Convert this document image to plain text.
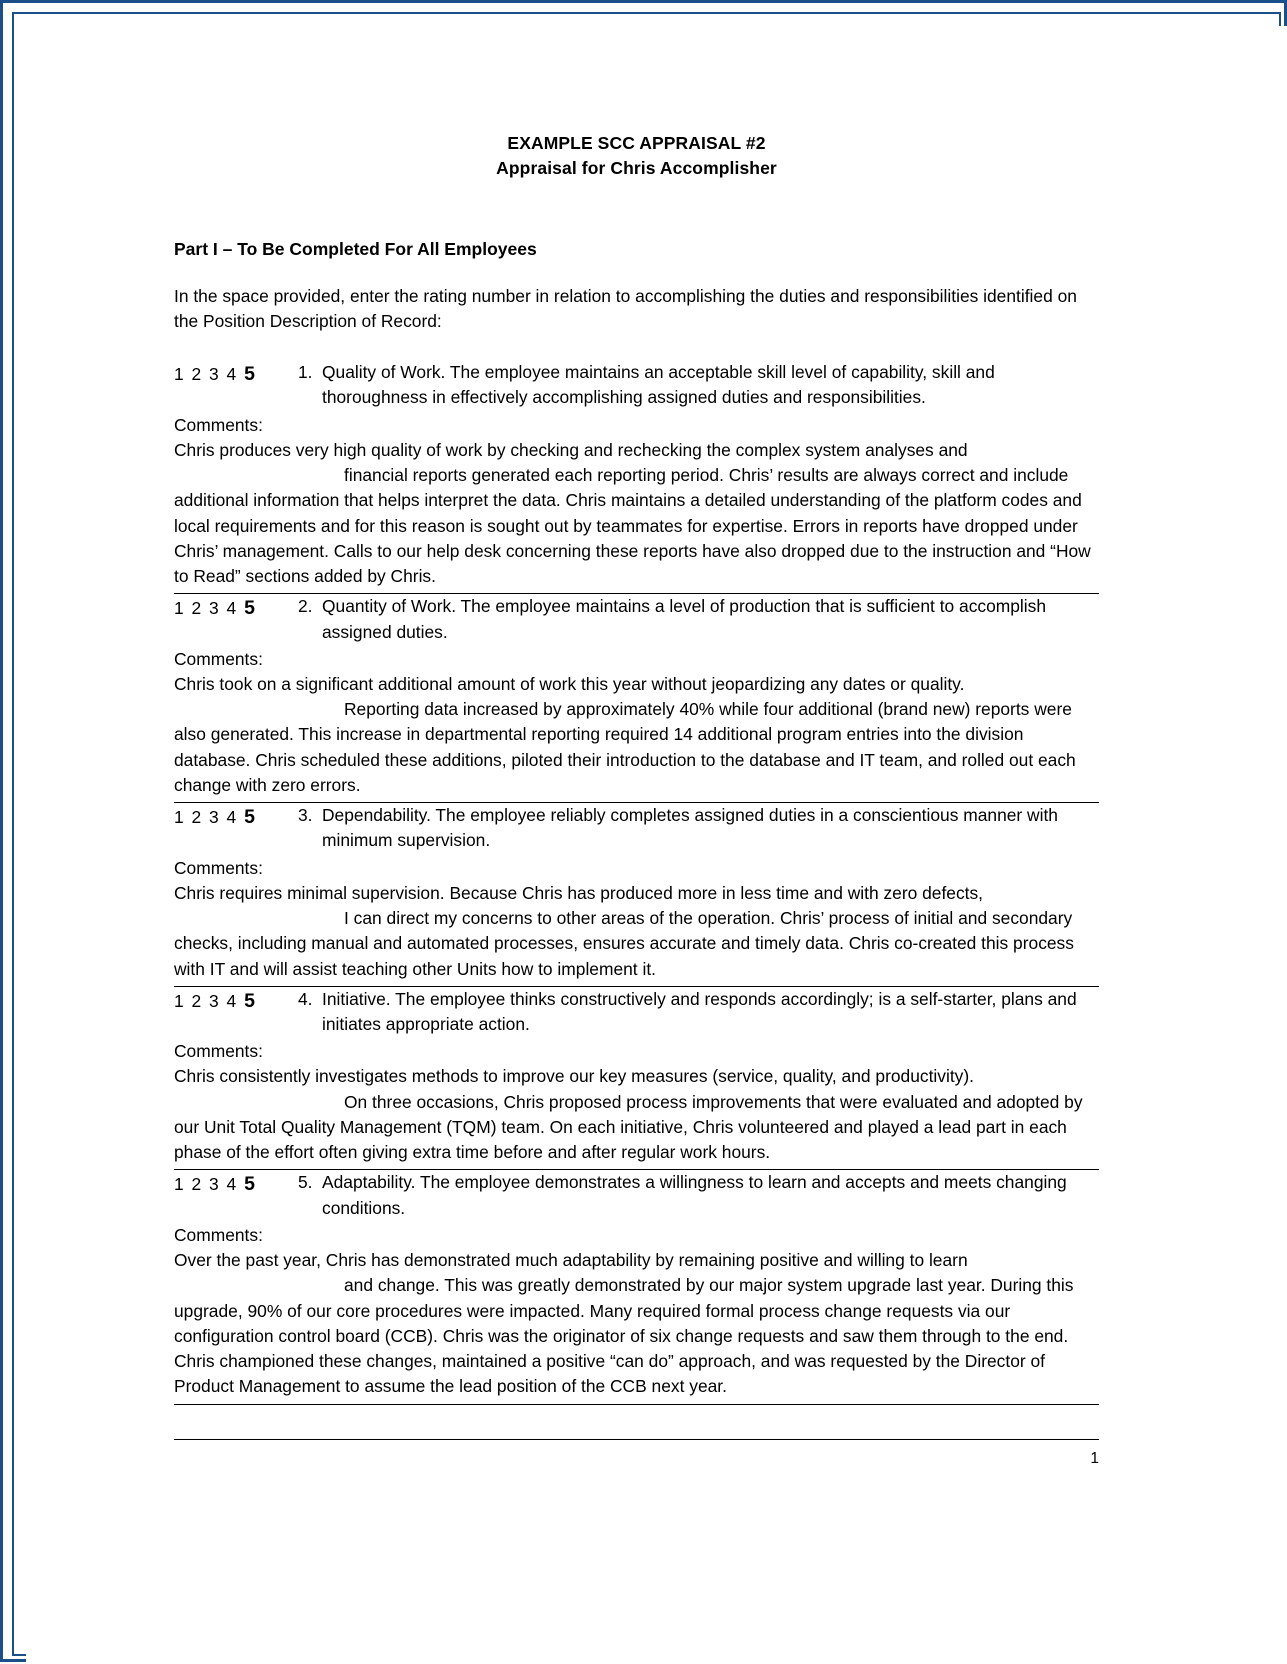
EXAMPLE SCC APPRAISAL #2
Appraisal for Chris Accomplisher
Part I – To Be Completed For All Employees
In the space provided, enter the rating number in relation to accomplishing the duties and responsibilities identified on the Position Description of Record:
1 2 3 4 5	1. Quality of Work. The employee maintains an acceptable skill level of capability, skill and thoroughness in effectively accomplishing assigned duties and responsibilities.
Comments:
Chris produces very high quality of work by checking and rechecking the complex system analyses and
financial reports generated each reporting period. Chris’ results are always correct and include additional information that helps interpret the data. Chris maintains a detailed understanding of the platform codes and local requirements and for this reason is sought out by teammates for expertise. Errors in reports have dropped under Chris’ management. Calls to our help desk concerning these reports have also dropped due to the instruction and “How to Read” sections added by Chris.
1 2 3 4 5	2. Quantity of Work. The employee maintains a level of production that is sufficient to accomplish assigned duties.
Comments:
Chris took on a significant additional amount of work this year without jeopardizing any dates or quality.
Reporting data increased by approximately 40% while four additional (brand new) reports were also generated. This increase in departmental reporting required 14 additional program entries into the division database. Chris scheduled these additions, piloted their introduction to the database and IT team, and rolled out each change with zero errors.
1 2 3 4 5	3. Dependability. The employee reliably completes assigned duties in a conscientious manner with minimum supervision.
Comments:
Chris requires minimal supervision. Because Chris has produced more in less time and with zero defects,
I can direct my concerns to other areas of the operation. Chris’ process of initial and secondary checks, including manual and automated processes, ensures accurate and timely data. Chris co-created this process with IT and will assist teaching other Units how to implement it.
1 2 3 4 5	4. Initiative. The employee thinks constructively and responds accordingly; is a self-starter, plans and initiates appropriate action.
Comments:
Chris consistently investigates methods to improve our key measures (service, quality, and productivity).
On three occasions, Chris proposed process improvements that were evaluated and adopted by our Unit Total Quality Management (TQM) team. On each initiative, Chris volunteered and played a lead part in each phase of the effort often giving extra time before and after regular work hours.
1 2 3 4 5	5. Adaptability. The employee demonstrates a willingness to learn and accepts and meets changing conditions.
Comments:
Over the past year, Chris has demonstrated much adaptability by remaining positive and willing to learn
and change. This was greatly demonstrated by our major system upgrade last year. During this upgrade, 90% of our core procedures were impacted. Many required formal process change requests via our configuration control board (CCB). Chris was the originator of six change requests and saw them through to the end. Chris championed these changes, maintained a positive “can do” approach, and was requested by the Director of Product Management to assume the lead position of the CCB next year.
1
